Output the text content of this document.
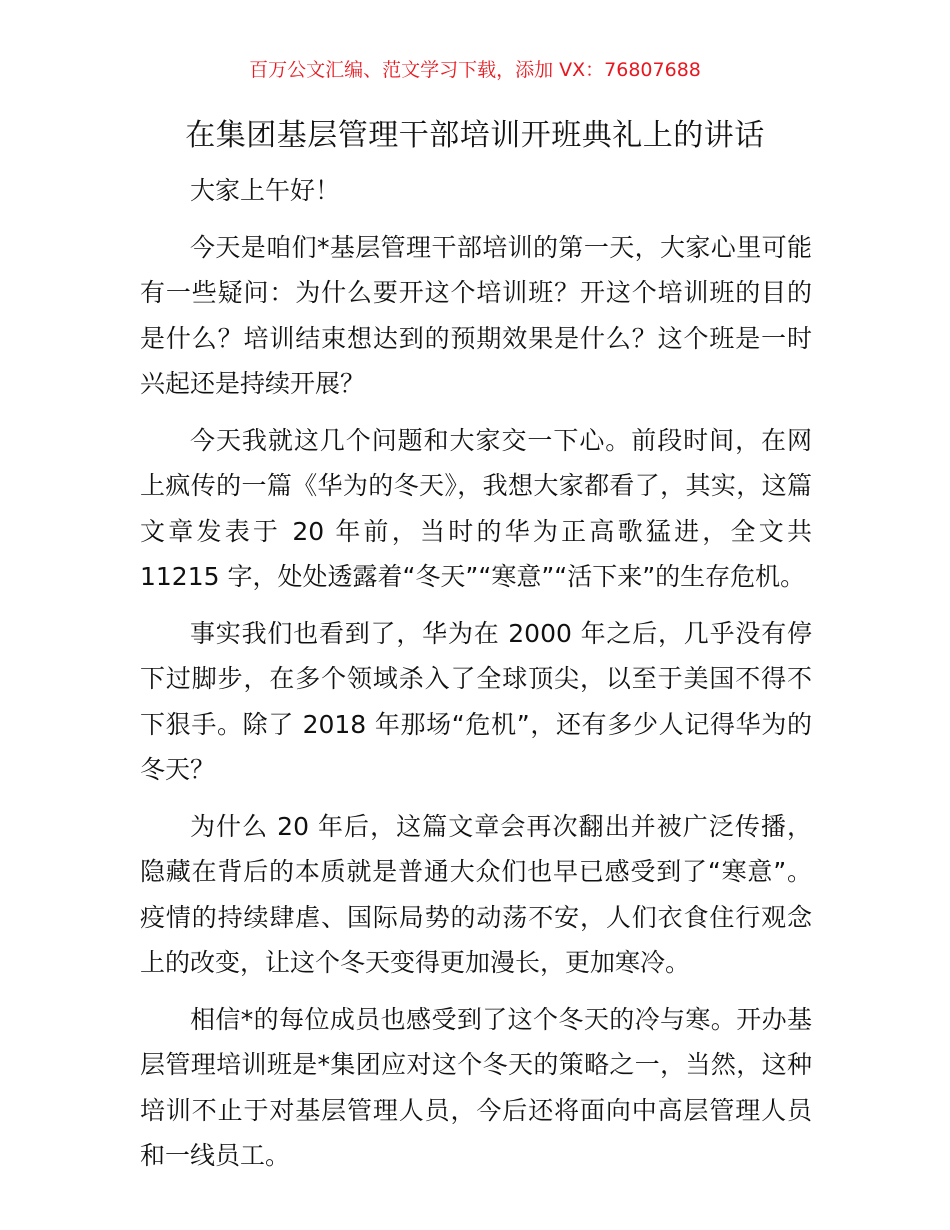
百万公文汇编、范文学习下载，添加 VX：76807688
在集团基层管理干部培训开班典礼上的讲话

大家上午好！

今天是咱们*基层管理干部培训的第一天，大家心里可能有一些疑问：为什么要开这个培训班？开这个培训班的目的是什么？培训结束想达到的预期效果是什么？这个班是一时兴起还是持续开展？

今天我就这几个问题和大家交一下心。前段时间，在网上疯传的一篇《华为的冬天》，我想大家都看了，其实，这篇文章发表于 20 年前，当时的华为正高歌猛进，全文共 11215 字，处处透露着“冬天”“寒意”“活下来”的生存危机。

事实我们也看到了，华为在 2000 年之后，几乎没有停下过脚步，在多个领域杀入了全球顶尖，以至于美国不得不下狠手。除了 2018 年那场“危机”，还有多少人记得华为的冬天？

为什么 20 年后，这篇文章会再次翻出并被广泛传播，隐藏在背后的本质就是普通大众们也早已感受到了“寒意”。疫情的持续肆虐、国际局势的动荡不安，人们衣食住行观念上的改变，让这个冬天变得更加漫长，更加寒冷。

相信*的每位成员也感受到了这个冬天的冷与寒。开办基层管理培训班是*集团应对这个冬天的策略之一，当然，这种培训不止于对基层管理人员，今后还将面向中高层管理人员和一线员工。
